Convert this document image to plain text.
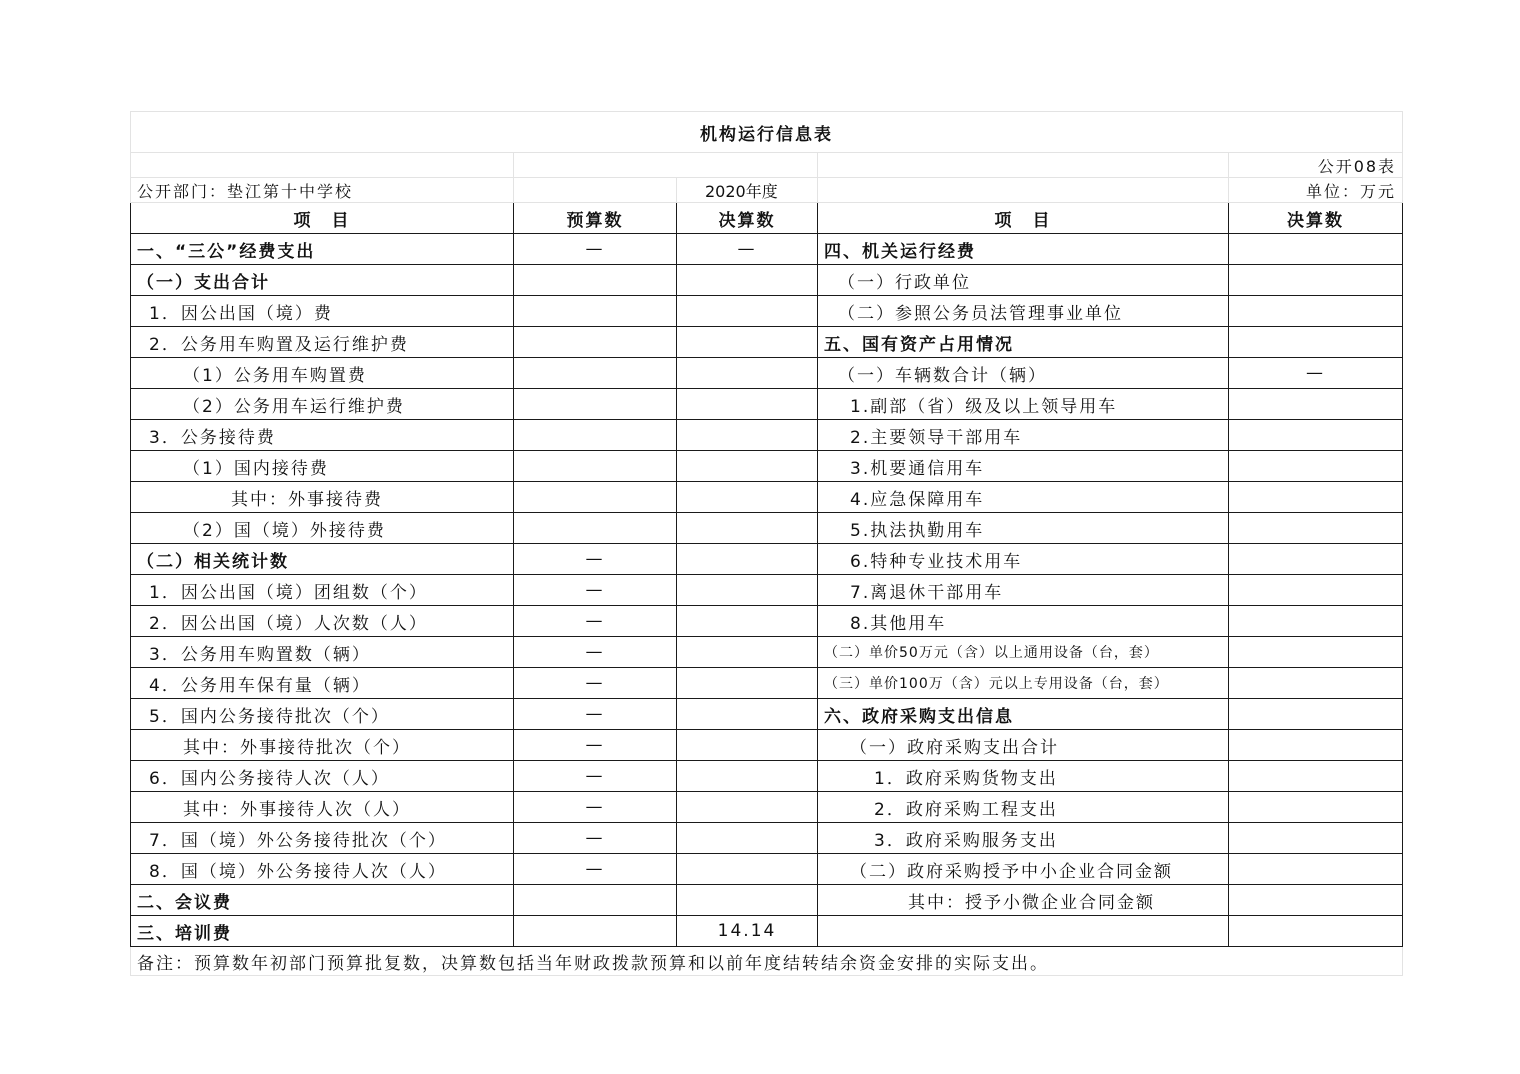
机构运行信息表				
				公开08表
公开部门：垫江第十中学校		2020年度		单位：万元
项　目	预算数	决算数	项　目	决算数
一、“三公”经费支出	—	—	四、机关运行经费	
（一）支出合计			（一）行政单位	
1．因公出国（境）费			（二）参照公务员法管理事业单位	
2．公务用车购置及运行维护费			五、国有资产占用情况	
（1）公务用车购置费			（一）车辆数合计（辆）	—
（2）公务用车运行维护费			1.副部（省）级及以上领导用车	
3．公务接待费			2.主要领导干部用车	
（1）国内接待费			3.机要通信用车	
其中：外事接待费			4.应急保障用车	
（2）国（境）外接待费			5.执法执勤用车	
（二）相关统计数	—		6.特种专业技术用车	
1．因公出国（境）团组数（个）	—		7.离退休干部用车	
2．因公出国（境）人次数（人）	—		8.其他用车	
3．公务用车购置数（辆）	—		（二）单价50万元（含）以上通用设备（台，套）	
4．公务用车保有量（辆）	—		（三）单价100万（含）元以上专用设备（台，套）	
5．国内公务接待批次（个）	—		六、政府采购支出信息	
其中：外事接待批次（个）	—		（一）政府采购支出合计	
6．国内公务接待人次（人）	—		1．政府采购货物支出	
其中：外事接待人次（人）	—		2．政府采购工程支出	
7．国（境）外公务接待批次（个）	—		3．政府采购服务支出	
8．国（境）外公务接待人次（人）	—		（二）政府采购授予中小企业合同金额	
二、会议费			其中：授予小微企业合同金额	
三、培训费		14.14		
备注：预算数年初部门预算批复数，决算数包括当年财政拨款预算和以前年度结转结余资金安排的实际支出。				
